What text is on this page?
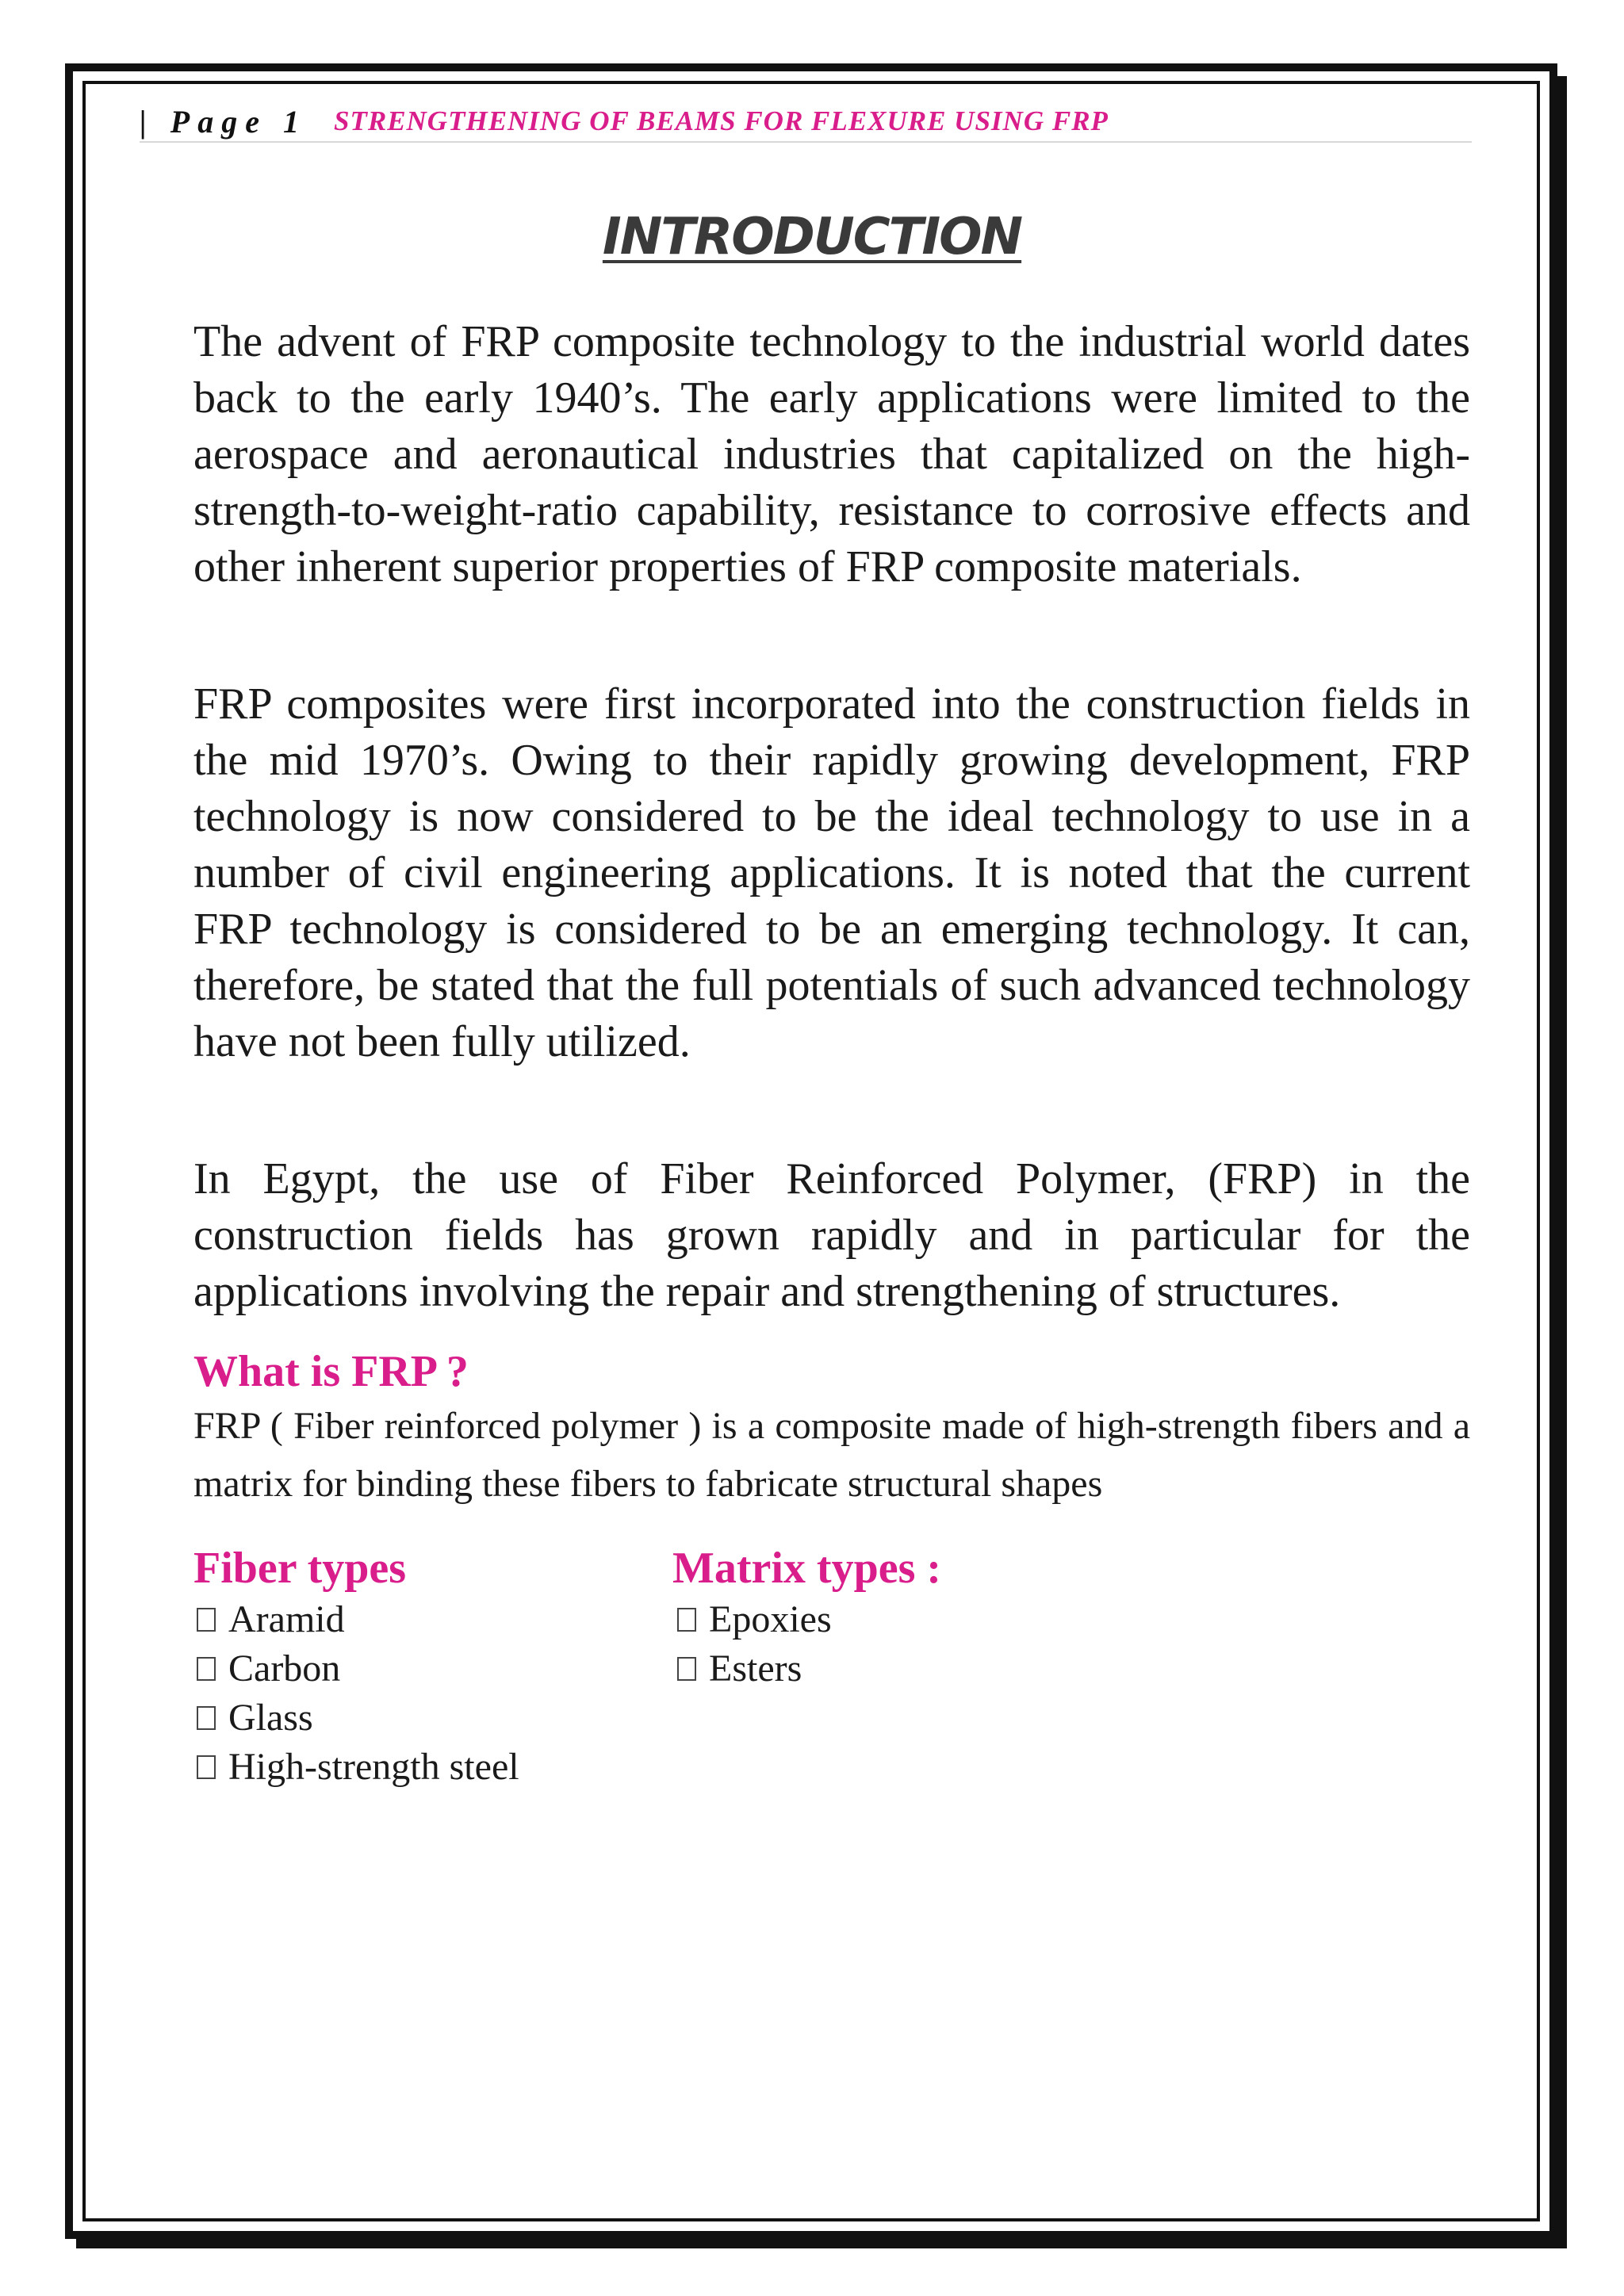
| Page 1 STRENGTHENING OF BEAMS FOR FLEXURE USING FRP
INTRODUCTION

The advent of FRP composite technology to the industrial world dates back to the early 1940’s. The early applications were limited to the aerospace and aeronautical industries that capitalized on the high-strength-to-weight-ratio capability, resistance to corrosive effects and other inherent superior properties of FRP composite materials.

FRP composites were first incorporated into the construction fields in the mid 1970’s. Owing to their rapidly growing development, FRP technology is now considered to be the ideal technology to use in a number of civil engineering applications. It is noted that the current FRP technology is considered to be an emerging technology. It can, therefore, be stated that the full potentials of such advanced technology have not been fully utilized.

In Egypt, the use of Fiber Reinforced Polymer, (FRP) in the construction fields has grown rapidly and in particular for the applications involving the repair and strengthening of structures.

What is FRP ?

FRP ( Fiber reinforced polymer ) is a composite made of high-strength fibers and a matrix for binding these fibers to fabricate structural shapes

Fiber types	Matrix types :
Aramid
Carbon
Glass
High-strength steel
Epoxies
Esters
